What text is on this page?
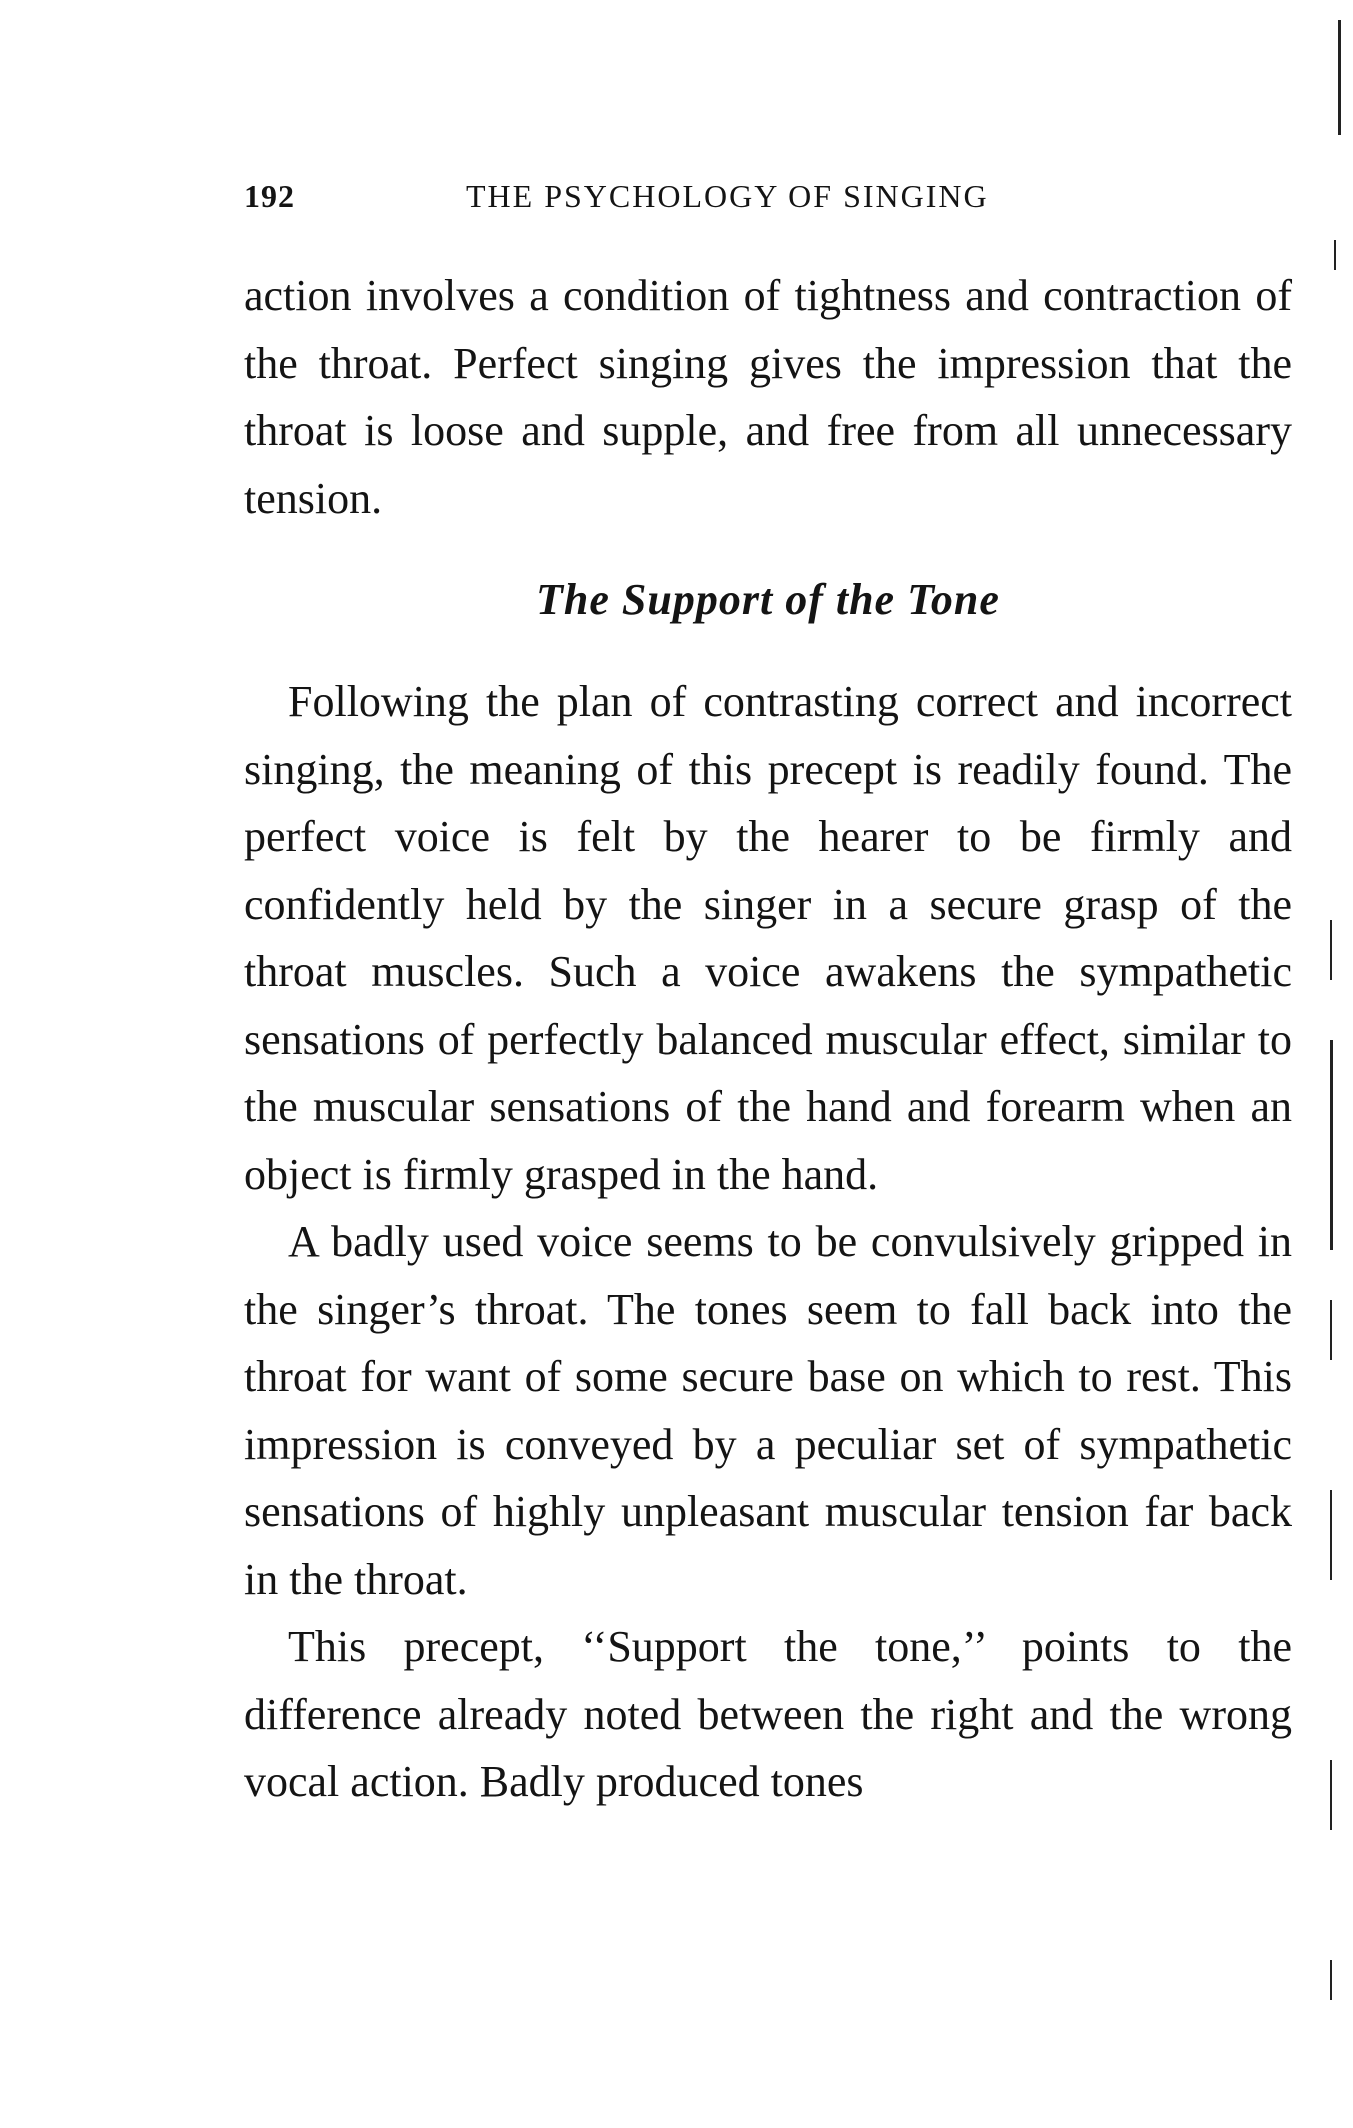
192	THE PSYCHOLOGY OF SINGING

action involves a condition of tightness and contraction of the throat. Perfect singing gives the impression that the throat is loose and supple, and free from all unnecessary tension.

The Support of the Tone

Following the plan of contrasting correct and incorrect singing, the meaning of this precept is readily found. The perfect voice is felt by the hearer to be firmly and confidently held by the singer in a secure grasp of the throat muscles. Such a voice awakens the sympathetic sensations of perfectly balanced muscular effect, similar to the muscular sensations of the hand and forearm when an object is firmly grasped in the hand.

A badly used voice seems to be convulsively gripped in the singer’s throat. The tones seem to fall back into the throat for want of some secure base on which to rest. This impression is conveyed by a peculiar set of sympathetic sensations of highly unpleasant muscular tension far back in the throat.

This precept, ‘‘Support the tone,’’ points to the difference already noted between the right and the wrong vocal action. Badly produced tones
